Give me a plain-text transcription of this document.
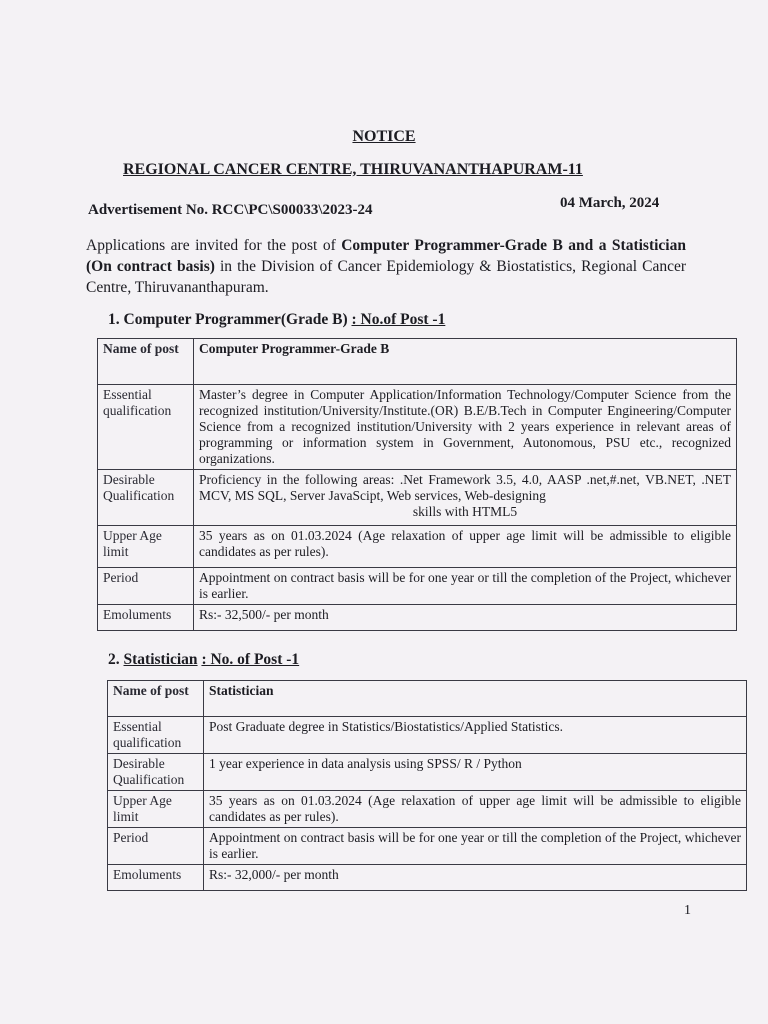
NOTICE
REGIONAL CANCER CENTRE, THIRUVANANTHAPURAM-11
Advertisement No. RCC\PC\S00033\2023-24	04 March, 2024
Applications are invited for the post of Computer Programmer-Grade B and a Statistician (On contract basis) in the Division of Cancer Epidemiology & Biostatistics, Regional Cancer Centre, Thiruvananthapuram.
1. Computer Programmer(Grade B) : No.of Post -1
Name of post	Computer Programmer-Grade B
Essential qualification	Master’s degree in Computer Application/Information Technology/Computer Science from the recognized institution/University/Institute.(OR) B.E/B.Tech in Computer Engineering/Computer Science from a recognized institution/University with 2 years experience in relevant areas of programming or information system in Government, Autonomous, PSU etc., recognized organizations.
Desirable Qualification	Proficiency in the following areas: .Net Framework 3.5, 4.0, AASP .net,#.net, VB.NET, .NET MCV, MS SQL, Server JavaScipt, Web services, Web-designing
skills with HTML5

Upper Age limit	35 years as on 01.03.2024 (Age relaxation of upper age limit will be admissible to eligible candidates as per rules).
Period	Appointment on contract basis will be for one year or till the completion of the Project, whichever is earlier.
Emoluments	Rs:- 32,500/- per month
2. Statistician : No. of Post -1
Name of post	Statistician
Essential qualification	Post Graduate degree in Statistics/Biostatistics/Applied Statistics.
Desirable Qualification	1 year experience in data analysis using SPSS/ R / Python
Upper Age limit	35 years as on 01.03.2024 (Age relaxation of upper age limit will be admissible to eligible candidates as per rules).
Period	Appointment on contract basis will be for one year or till the completion of the Project, whichever is earlier.
Emoluments	Rs:- 32,000/- per month
1
